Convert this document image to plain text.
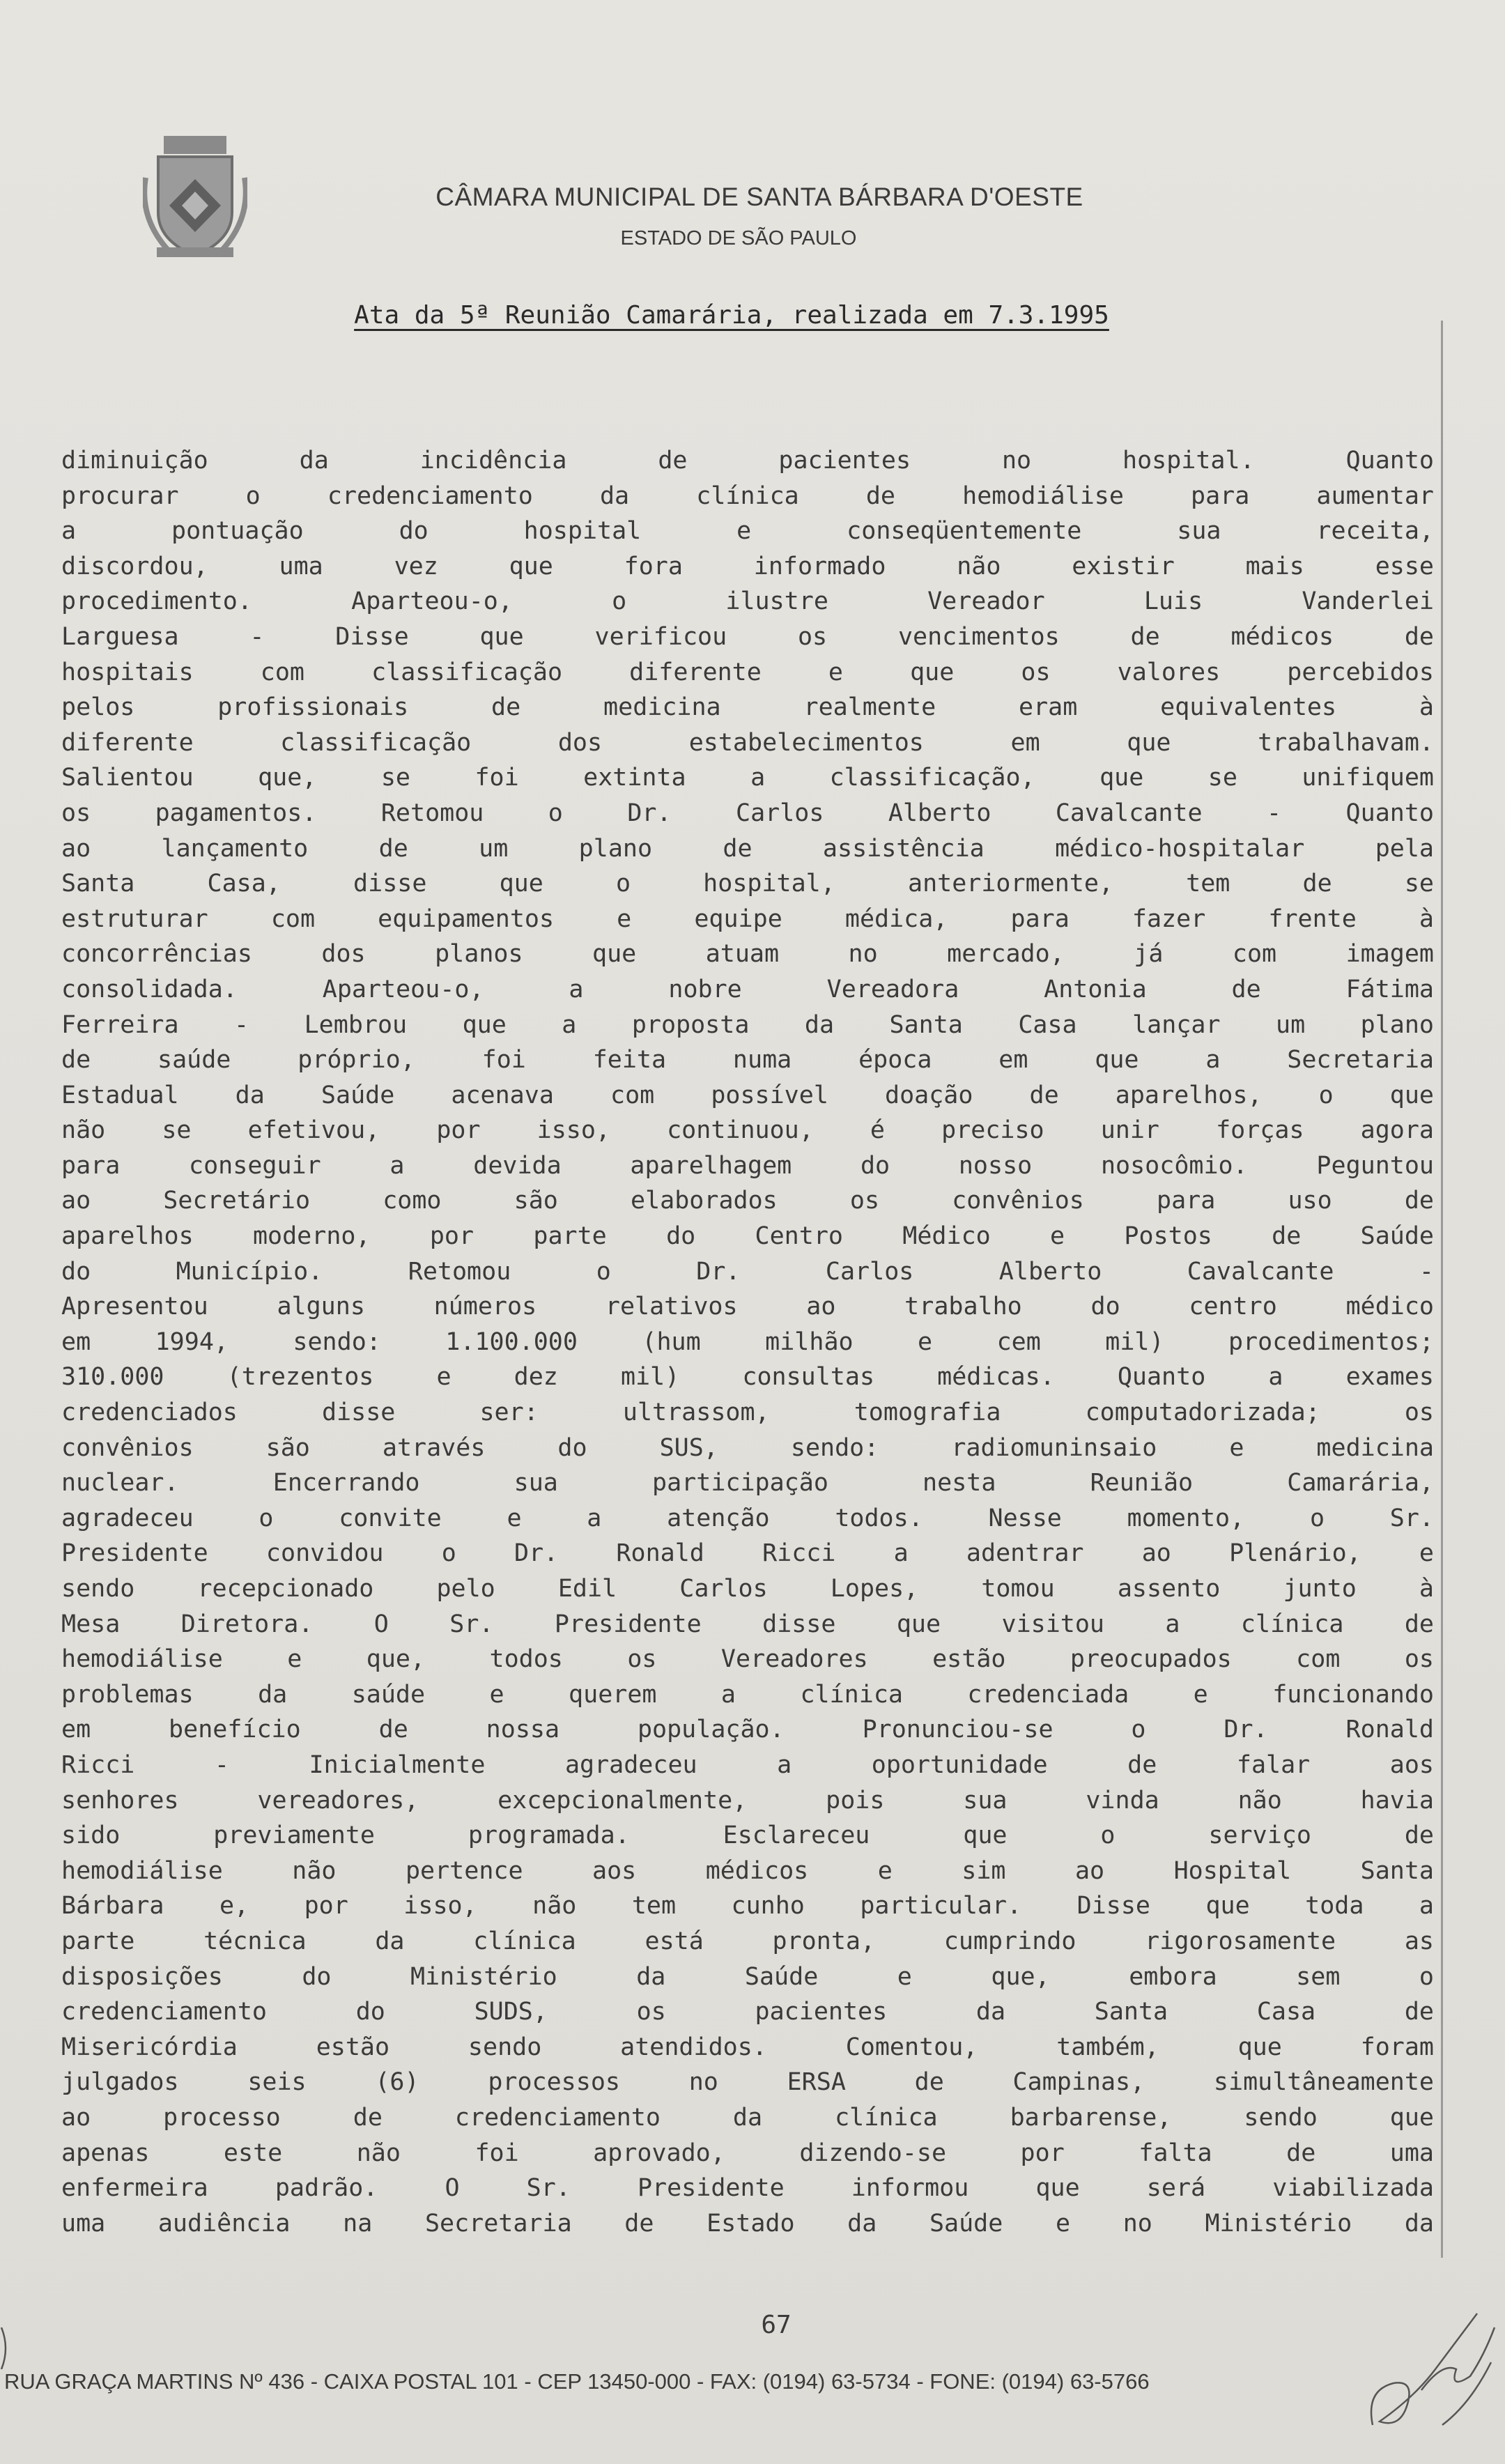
CÂMARA MUNICIPAL DE SANTA BÁRBARA D'OESTE
ESTADO DE SÃO PAULO
Ata da 5ª Reunião Camarária, realizada em 7.3.1995
diminuição da incidência de pacientes no hospital. Quanto
procurar o credenciamento da clínica de hemodiálise para aumentar
a pontuação do hospital e conseqüentemente sua receita,
discordou, uma vez que fora informado não existir mais esse
procedimento. Aparteou-o, o ilustre Vereador Luis Vanderlei
Larguesa - Disse que verificou os vencimentos de médicos de
hospitais com classificação diferente e que os valores percebidos
pelos profissionais de medicina realmente eram equivalentes à
diferente classificação dos estabelecimentos em que trabalhavam.
Salientou que, se foi extinta a classificação, que se unifiquem
os pagamentos. Retomou o Dr. Carlos Alberto Cavalcante - Quanto
ao lançamento de um plano de assistência médico-hospitalar pela
Santa Casa, disse que o hospital, anteriormente, tem de se
estruturar com equipamentos e equipe médica, para fazer frente à
concorrências dos planos que atuam no mercado, já com imagem
consolidada. Aparteou-o, a nobre Vereadora Antonia de Fátima
Ferreira - Lembrou que a proposta da Santa Casa lançar um plano
de saúde próprio, foi feita numa época em que a Secretaria
Estadual da Saúde acenava com possível doação de aparelhos, o que
não se efetivou, por isso, continuou, é preciso unir forças agora
para conseguir a devida aparelhagem do nosso nosocômio. Peguntou
ao Secretário como são elaborados os convênios para uso de
aparelhos moderno, por parte do Centro Médico e Postos de Saúde
do Município. Retomou o Dr. Carlos Alberto Cavalcante -
Apresentou alguns números relativos ao trabalho do centro médico
em 1994, sendo: 1.100.000 (hum milhão e cem mil) procedimentos;
310.000 (trezentos e dez mil) consultas médicas. Quanto a exames
credenciados disse ser: ultrassom, tomografia computadorizada; os
convênios são através do SUS, sendo: radiomuninsaio e medicina
nuclear. Encerrando sua participação nesta Reunião Camarária,
agradeceu o convite e a atenção todos. Nesse momento, o Sr.
Presidente convidou o Dr. Ronald Ricci a adentrar ao Plenário, e
sendo recepcionado pelo Edil Carlos Lopes, tomou assento junto à
Mesa Diretora. O Sr. Presidente disse que visitou a clínica de
hemodiálise e que, todos os Vereadores estão preocupados com os
problemas da saúde e querem a clínica credenciada e funcionando
em benefício de nossa população. Pronunciou-se o Dr. Ronald
Ricci - Inicialmente agradeceu a oportunidade de falar aos
senhores vereadores, excepcionalmente, pois sua vinda não havia
sido previamente programada. Esclareceu que o serviço de
hemodiálise não pertence aos médicos e sim ao Hospital Santa
Bárbara e, por isso, não tem cunho particular. Disse que toda a
parte técnica da clínica está pronta, cumprindo rigorosamente as
disposições do Ministério da Saúde e que, embora sem o
credenciamento do SUDS, os pacientes da Santa Casa de
Misericórdia estão sendo atendidos. Comentou, também, que foram
julgados seis (6) processos no ERSA de Campinas, simultâneamente
ao processo de credenciamento da clínica barbarense, sendo que
apenas este não foi aprovado, dizendo-se por falta de uma
enfermeira padrão. O Sr. Presidente informou que será viabilizada
uma audiência na Secretaria de Estado da Saúde e no Ministério da
67
RUA GRAÇA MARTINS Nº 436 - CAIXA POSTAL 101 - CEP 13450-000 - FAX: (0194) 63-5734 - FONE: (0194) 63-5766
